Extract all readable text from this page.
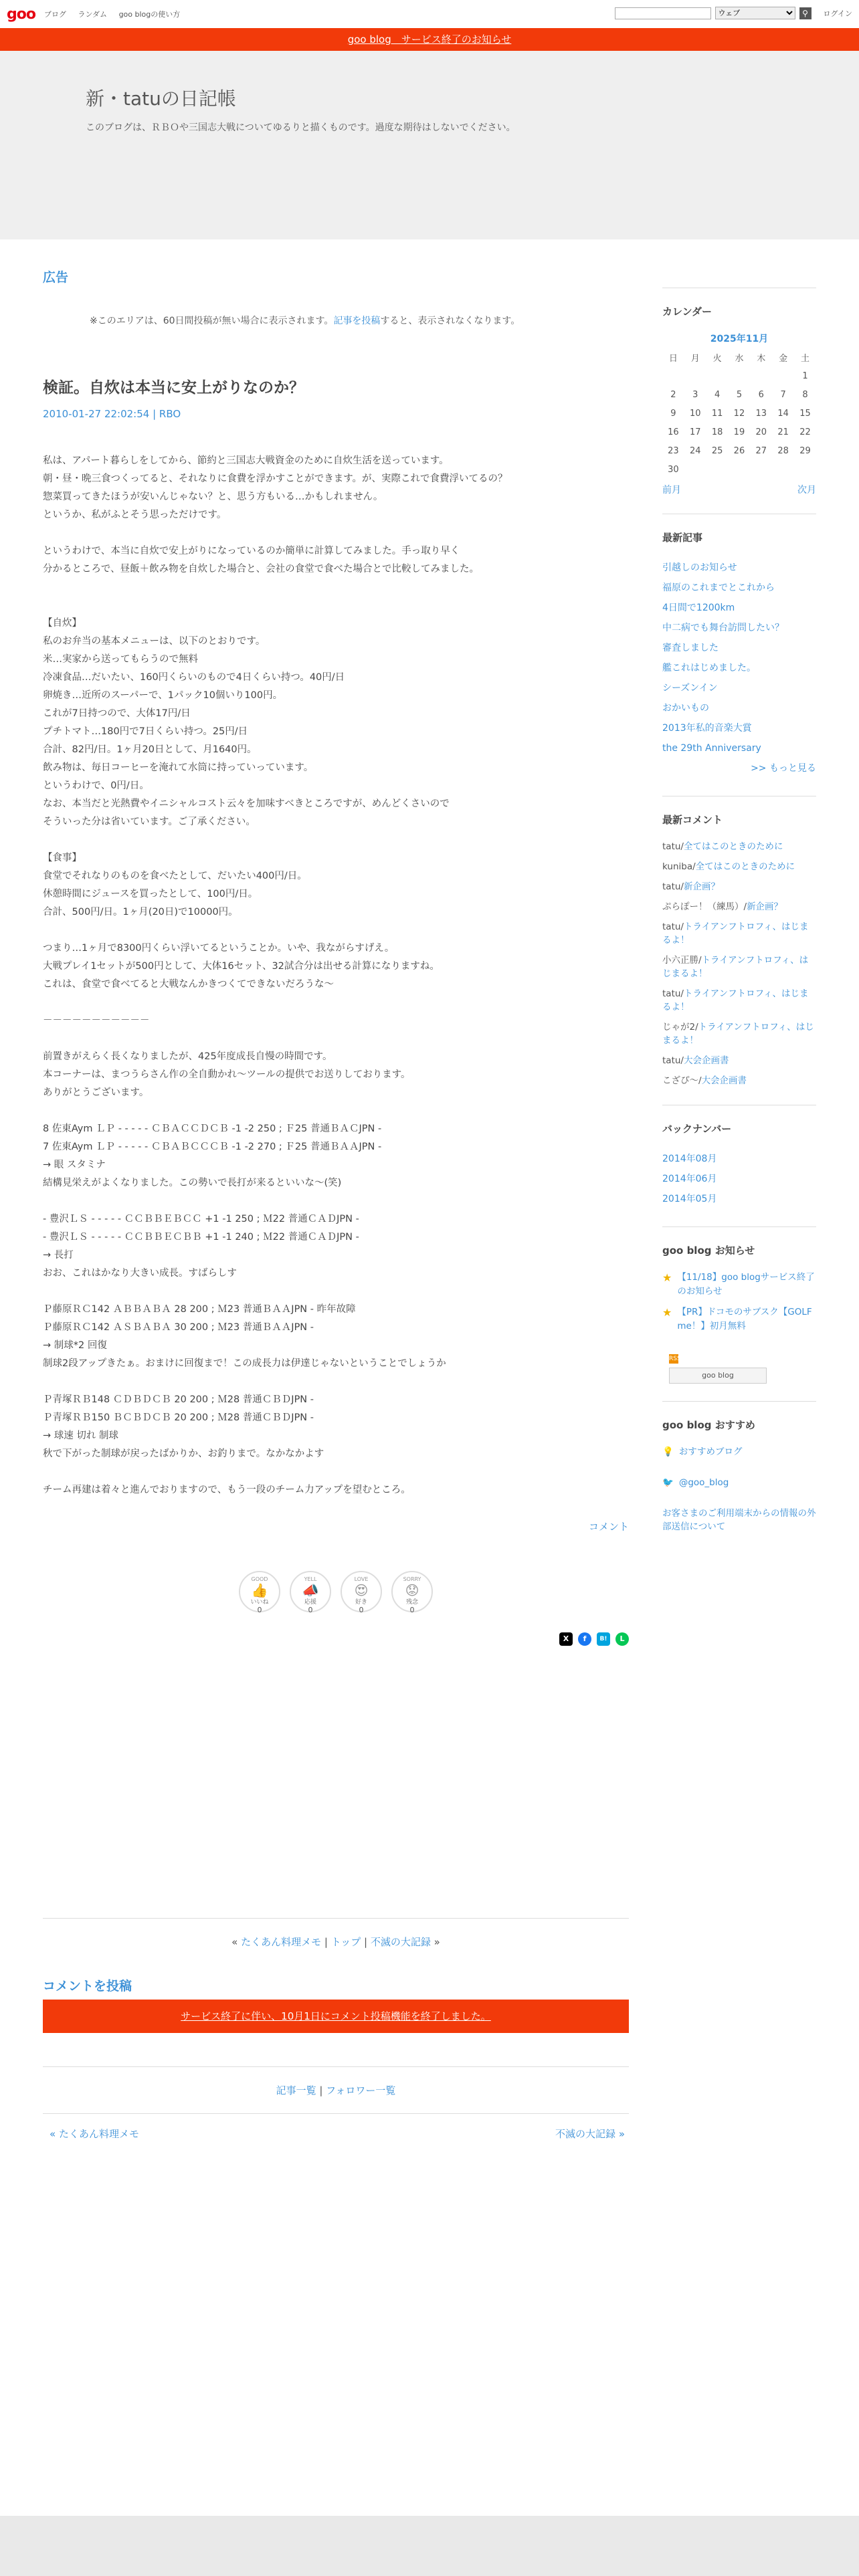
goo ブログ ランダム goo blogの使い方
ウェブ	⚲	ログイン
goo blog　サービス終了のお知らせ
新・tatuの日記帳
このブログは、ＲＢＯや三国志大戦についてゆるりと描くものです。過度な期待はしないでください。
広告
※このエリアは、60日間投稿が無い場合に表示されます。記事を投稿すると、表示されなくなります。
検証。自炊は本当に安上がりなのか？
2010-01-27 22:02:54 | RBO
私は、アパート暮らしをしてから、節約と三国志大戦資金のために自炊生活を送っています。
朝・昼・晩三食つくってると、それなりに食費を浮かすことができます。が、実際これで食費浮いてるの？
惣菜買ってきたほうが安いんじゃない？と、思う方もいる…かもしれません。
というか、私がふとそう思っただけです。

というわけで、本当に自炊で安上がりになっているのか簡単に計算してみました。手っ取り早く
分かるところで、昼飯＋飲み物を自炊した場合と、会社の食堂で食べた場合とで比較してみました。

【自炊】
私のお弁当の基本メニューは、以下のとおりです。
米…実家から送ってもらうので無料
冷凍食品…だいたい、160円くらいのもので4日くらい持つ。40円/日
卵焼き…近所のスーパーで、1パック10個いり100円。
これが7日持つので、大体17円/日
プチトマト…180円で7日くらい持つ。25円/日
合計、82円/日。1ヶ月20日として、月1640円。
飲み物は、毎日コーヒーを淹れて水筒に持っていっています。
というわけで、0円/日。
なお、本当だと光熱費やイニシャルコスト云々を加味すべきところですが、めんどくさいので
そういった分は省いています。ご了承ください。

【食事】
食堂でそれなりのものを食べたとして、だいたい400円/日。
休憩時間にジュースを買ったとして、100円/日。
合計、500円/日。1ヶ月(20日)で10000円。

つまり…1ヶ月で8300円くらい浮いてるということか。いや、我ながらすげえ。
大戦プレイ1セットが500円として、大体16セット、32試合分は出せる計算になりますね。
これは、食堂で食べてると大戦なんかきつくてできないだろうな～

－－－－－－－－－－－

前置きがえらく長くなりましたが、425年度成長自慢の時間です。
本コーナーは、まつうらさん作の全自動かれ～ツールの提供でお送りしております。
ありがとうございます。

8 佐東Aym ＬＰ - - - - - ＣＢＡＣＣＤＣＢ -1 -2 250 ; Ｆ25 普通ＢＡＣJPN -
7 佐東Aym ＬＰ - - - - - ＣＢＡＢＣＣＣＢ -1 -2 270 ; Ｆ25 普通ＢＡＡJPN -
→ 眼 スタミナ
結構見栄えがよくなりました。この勢いで長打が来るといいな～(笑)

- 豊沢ＬＳ - - - - - ＣＣＢＢＥＢＣＣ +1 -1 250 ; Ｍ22 普通ＣＡＤJPN -
- 豊沢ＬＳ - - - - - ＣＣＢＢＥＣＢＢ +1 -1 240 ; Ｍ22 普通ＣＡＤJPN -
→ 長打
おお、これはかなり大きい成長。すばらしす

Ｐ藤原ＲＣ142 ＡＢＢＡＢＡ 28 200 ; Ｍ23 普通ＢＡＡJPN - 昨年故障
Ｐ藤原ＲＣ142 ＡＳＢＡＢＡ 30 200 ; Ｍ23 普通ＢＡＡJPN -
→ 制球*2 回復
制球2段アップきたぁ。おまけに回復まで！この成長力は伊達じゃないということでしょうか

Ｐ青塚ＲＢ148 ＣＤＢＤＣＢ 20 200 ; Ｍ28 普通ＣＢＤJPN -
Ｐ青塚ＲＢ150 ＢＣＢＤＣＢ 20 200 ; Ｍ28 普通ＣＢＤJPN -
→ 球速 切れ 制球
秋で下がった制球が戻ったばかりか、お釣りまで。なかなかよす

チーム再建は着々と進んでおりますので、もう一段のチーム力アップを望むところ。
コメント
GOOD
👍
いいね
0
YELL
📣
応援
0
LOVE
😍
好き
0
SORRY
😟
残念
0
X	f	B!	L
« たくあん料理メモ | トップ | 不滅の大記録 »
コメントを投稿
サービス終了に伴い、10月1日にコメント投稿機能を終了しました。
記事一覧 | フォロワー一覧
« たくあん料理メモ	不滅の大記録 »
カレンダー
2025年11月
日	月	火	水	木	金	土
						1
2	3	4	5	6	7	8
9	10	11	12	13	14	15
16	17	18	19	20	21	22
23	24	25	26	27	28	29
30						
前月	次月
最新記事
引越しのお知らせ
福原のこれまでとこれから
4日間で1200km
中二病でも舞台訪問したい？
審査しました
艦これはじめました。
シーズンイン
おかいもの
2013年私的音楽大賞
the 29th Anniversary
>> もっと見る
最新コメント
tatu/全てはこのときのために
kuniba/全てはこのときのために
tatu/新企画？
ぷらぽー！（練馬）/新企画？
tatu/トライアンフトロフィ、はじまるよ！
小六正勝/トライアンフトロフィ、はじまるよ！
tatu/トライアンフトロフィ、はじまるよ！
じゃが2/トライアンフトロフィ、はじまるよ！
tatu/大会企画書
こざぴ～/大会企画書
バックナンバー
2014年08月
2014年06月
2014年05月
goo blog お知らせ
★ 【11/18】goo blogサービス終了のお知らせ
★ 【PR】ドコモのサブスク【GOLF me！】初月無料
RSS
goo blog
goo blog おすすめ
💡 おすすめブログ
🐦 @goo_blog
お客さまのご利用端末からの情報の外部送信について
